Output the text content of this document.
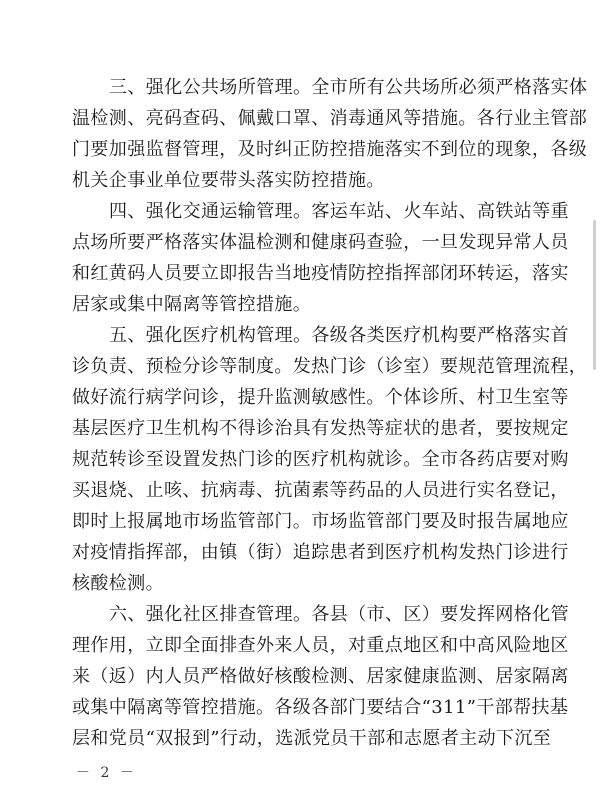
三、强化公共场所管理。全市所有公共场所必须严格落实体
温检测、亮码查码、佩戴口罩、消毒通风等措施。各行业主管部
门要加强监督管理，及时纠正防控措施落实不到位的现象，各级
机关企事业单位要带头落实防控措施。
四、强化交通运输管理。客运车站、火车站、高铁站等重
点场所要严格落实体温检测和健康码查验，一旦发现异常人员
和红黄码人员要立即报告当地疫情防控指挥部闭环转运，落实
居家或集中隔离等管控措施。
五、强化医疗机构管理。各级各类医疗机构要严格落实首
诊负责、预检分诊等制度。发热门诊（诊室）要规范管理流程，
做好流行病学问诊，提升监测敏感性。个体诊所、村卫生室等
基层医疗卫生机构不得诊治具有发热等症状的患者，要按规定
规范转诊至设置发热门诊的医疗机构就诊。全市各药店要对购
买退烧、止咳、抗病毒、抗菌素等药品的人员进行实名登记，
即时上报属地市场监管部门。市场监管部门要及时报告属地应
对疫情指挥部，由镇（街）追踪患者到医疗机构发热门诊进行
核酸检测。
六、强化社区排查管理。各县（市、区）要发挥网格化管
理作用，立即全面排查外来人员，对重点地区和中高风险地区
来（返）内人员严格做好核酸检测、居家健康监测、居家隔离
或集中隔离等管控措施。各级各部门要结合“311”干部帮扶基
层和党员“双报到”行动，选派党员干部和志愿者主动下沉至
－ 2 －
